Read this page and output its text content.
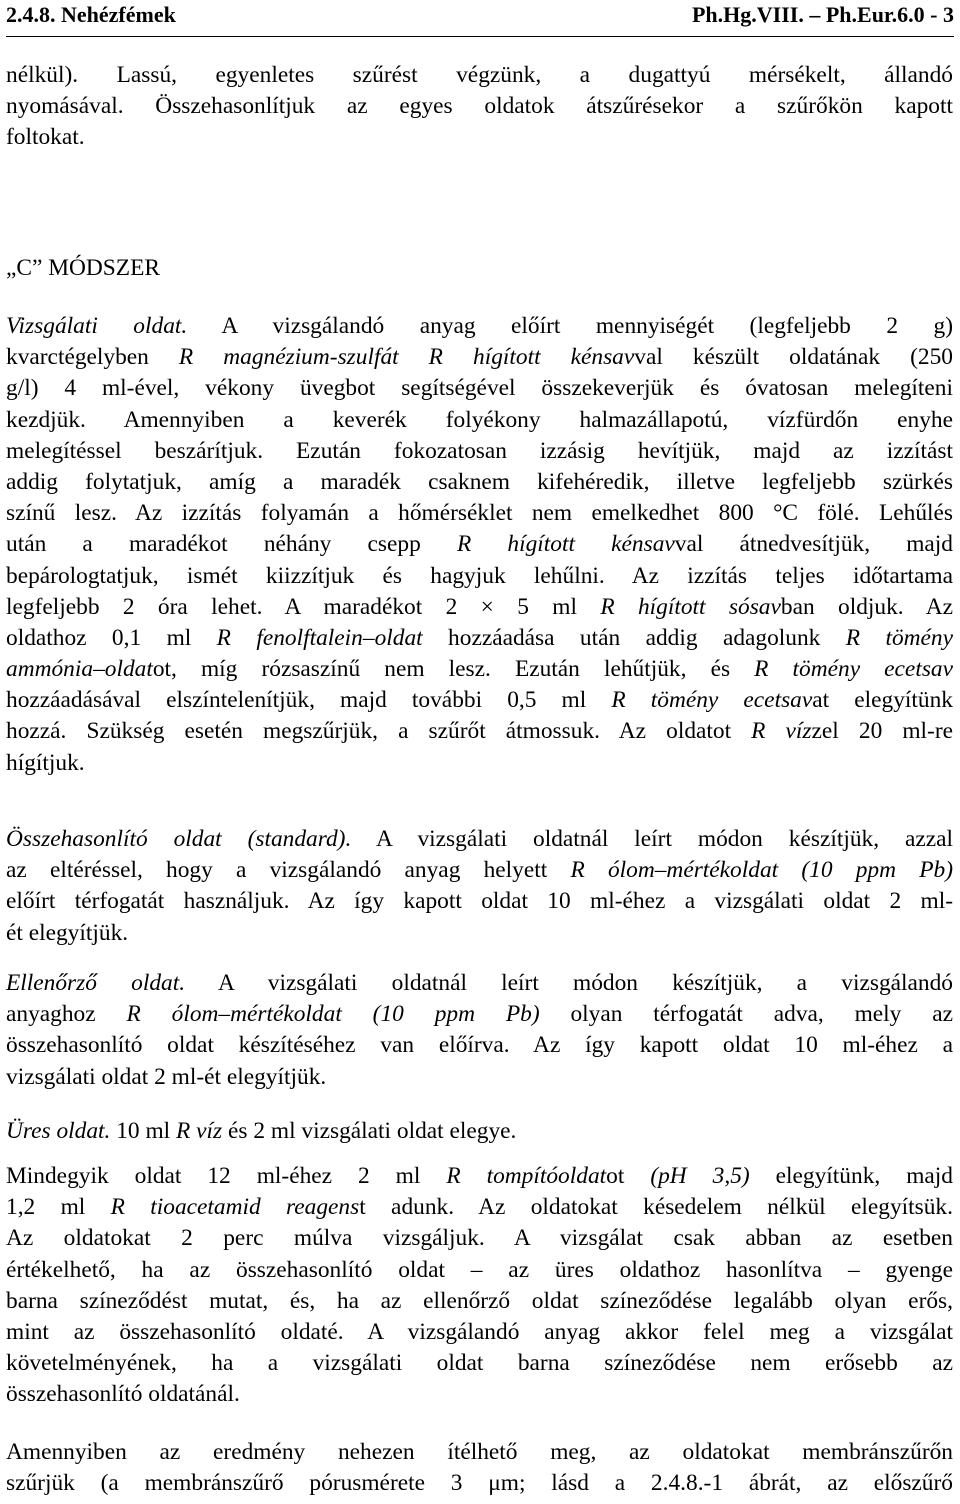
2.4.8. Nehézfémek	Ph.Hg.VIII. – Ph.Eur.6.0 - 3
nélkül). Lassú, egyenletes szűrést végzünk, a dugattyú mérsékelt, állandó
nyomásával. Összehasonlítjuk az egyes oldatok átszűrésekor a szűrőkön kapott
foltokat.
„C” MÓDSZER
Vizsgálati oldat. A vizsgálandó anyag előírt mennyiségét (legfeljebb 2 g)
kvarctégelyben R magnézium-szulfát R hígított kénsavval készült oldatának (250
g/l) 4 ml-ével, vékony üvegbot segítségével összekeverjük és óvatosan melegíteni
kezdjük. Amennyiben a keverék folyékony halmazállapotú, vízfürdőn enyhe
melegítéssel beszárítjuk. Ezután fokozatosan izzásig hevítjük, majd az izzítást
addig folytatjuk, amíg a maradék csaknem kifehéredik, illetve legfeljebb szürkés
színű lesz. Az izzítás folyamán a hőmérséklet nem emelkedhet 800 °C fölé. Lehűlés
után a maradékot néhány csepp R hígított kénsavval átnedvesítjük, majd
bepárologtatjuk, ismét kiizzítjuk és hagyjuk lehűlni. Az izzítás teljes időtartama
legfeljebb 2 óra lehet. A maradékot 2 × 5 ml R hígított sósavban oldjuk. Az
oldathoz 0,1 ml R fenolftalein–oldat hozzáadása után addig adagolunk R tömény
ammónia–oldatot, míg rózsaszínű nem lesz. Ezután lehűtjük, és R tömény ecetsav
hozzáadásával elszíntelenítjük, majd további 0,5 ml R tömény ecetsavat elegyítünk
hozzá. Szükség esetén megszűrjük, a szűrőt átmossuk. Az oldatot R vízzel 20 ml-re
hígítjuk.
Összehasonlító oldat (standard). A vizsgálati oldatnál leírt módon készítjük, azzal
az eltéréssel, hogy a vizsgálandó anyag helyett R ólom–mértékoldat (10 ppm Pb)
előírt térfogatát használjuk. Az így kapott oldat 10 ml-éhez a vizsgálati oldat 2 ml-
ét elegyítjük.
Ellenőrző oldat. A vizsgálati oldatnál leírt módon készítjük, a vizsgálandó
anyaghoz R ólom–mértékoldat (10 ppm Pb) olyan térfogatát adva, mely az
összehasonlító oldat készítéséhez van előírva. Az így kapott oldat 10 ml-éhez a
vizsgálati oldat 2 ml-ét elegyítjük.
Üres oldat. 10 ml R víz és 2 ml vizsgálati oldat elegye.
Mindegyik oldat 12 ml-éhez 2 ml R tompítóoldatot (pH 3,5) elegyítünk, majd
1,2 ml R tioacetamid reagenst adunk. Az oldatokat késedelem nélkül elegyítsük.
Az oldatokat 2 perc múlva vizsgáljuk. A vizsgálat csak abban az esetben
értékelhető, ha az összehasonlító oldat – az üres oldathoz hasonlítva – gyenge
barna színeződést mutat, és, ha az ellenőrző oldat színeződése legalább olyan erős,
mint az összehasonlító oldaté. A vizsgálandó anyag akkor felel meg a vizsgálat
követelményének, ha a vizsgálati oldat barna színeződése nem erősebb az
összehasonlító oldatánál.
Amennyiben az eredmény nehezen ítélhető meg, az oldatokat membránszűrőn
szűrjük (a membránszűrő pórusmérete 3 μm; lásd a 2.4.8.-1 ábrát, az előszűrő
